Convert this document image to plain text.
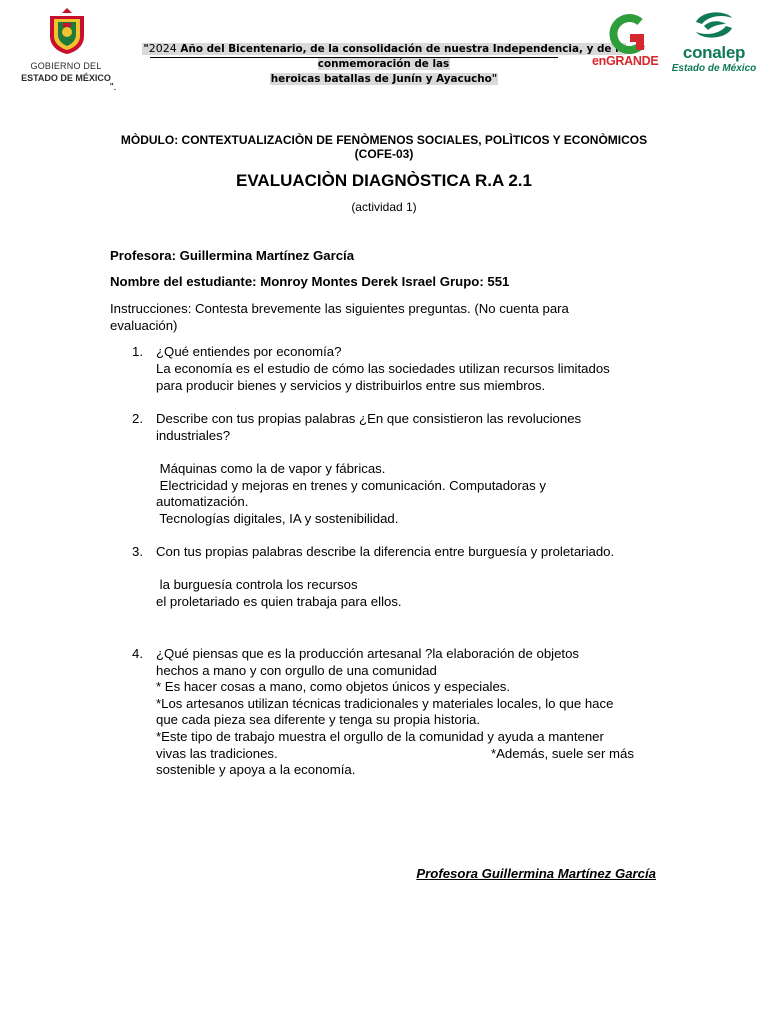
GOBIERNO DEL
ESTADO DE MÉXICO
"2024 Año del Bicentenario, de la consolidación de nuestra Independencia, y de la conmemoración de las
heroicas batallas de Junín y Ayacucho"
".
enGRANDE	conalep
Estado de México
MÒDULO: CONTEXTUALIZACIÒN DE FENÒMENOS SOCIALES, POLÌTICOS Y ECONÒMICOS
(COFE-03)
EVALUACIÒN DIAGNÒSTICA R.A 2.1
(actividad 1)
Profesora: Guillermina Martínez García
Nombre del estudiante: Monroy Montes Derek Israel Grupo: 551
Instrucciones: Contesta brevemente las siguientes preguntas. (No cuenta para evaluación)
1. ¿Qué entiendes por economía?
La economía es el estudio de cómo las sociedades utilizan recursos limitados
para producir bienes y servicios y distribuirlos entre sus miembros.
2. Describe con tus propias palabras ¿En que consistieron las revoluciones industriales?
Máquinas como la de vapor y fábricas.
Electricidad y mejoras en trenes y comunicación. Computadoras y
automatización.
Tecnologías digitales, IA y sostenibilidad.
3. Con tus propias palabras describe la diferencia entre burguesía y proletariado.
la burguesía controla los recursos
el proletariado es quien trabaja para ellos.
4. ¿Qué piensas que es la producción artesanal ?la elaboración de objetos hechos a mano y con orgullo de una comunidad
* Es hacer cosas a mano, como objetos únicos y especiales.
*Los artesanos utilizan técnicas tradicionales y materiales locales, lo que hace
que cada pieza sea diferente y tenga su propia historia.
*Este tipo de trabajo muestra el orgullo de la comunidad y ayuda a mantener
vivas las tradiciones.	*Además, suele ser más
sostenible y apoya a la economía.
Profesora Guillermina Martínez García
